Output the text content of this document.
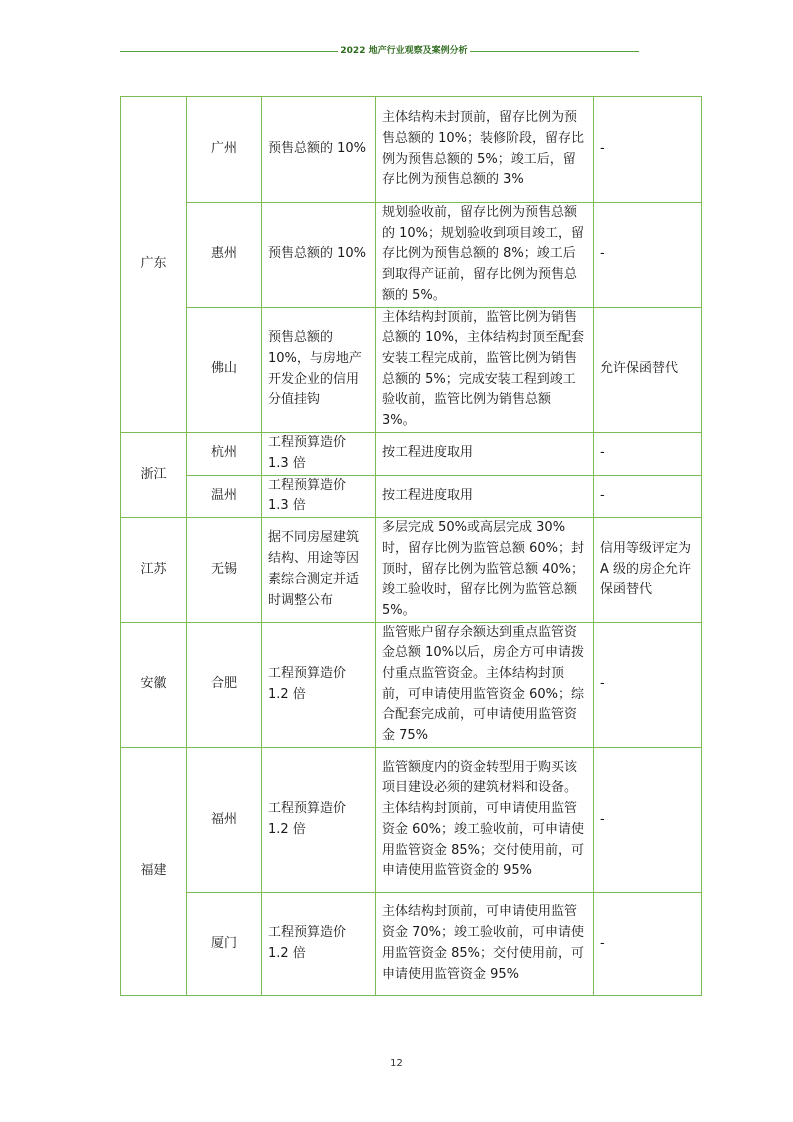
2022 地产行业观察及案例分析
广东	广州	预售总额的 10%	主体结构未封顶前，留存比例为预售总额的 10%；装修阶段，留存比例为预售总额的 5%；竣工后，留存比例为预售总额的 3%	-
	惠州	预售总额的 10%	规划验收前，留存比例为预售总额的 10%；规划验收到项目竣工，留存比例为预售总额的 8%；竣工后到取得产证前，留存比例为预售总额的 5%。	-
	佛山	预售总额的 10%，与房地产开发企业的信用分值挂钩	主体结构封顶前，监管比例为销售总额的 10%，主体结构封顶至配套安装工程完成前，监管比例为销售总额的 5%；完成安装工程到竣工验收前，监管比例为销售总额 3%。	允许保函替代
浙江	杭州	工程预算造价 1.3 倍	按工程进度取用	-
	温州	工程预算造价 1.3 倍	按工程进度取用	-
江苏	无锡	据不同房屋建筑结构、用途等因素综合测定并适时调整公布	多层完成 50%或高层完成 30%时，留存比例为监管总额 60%；封顶时，留存比例为监管总额 40%；竣工验收时，留存比例为监管总额 5%。	信用等级评定为 A 级的房企允许保函替代
安徽	合肥	工程预算造价 1.2 倍	监管账户留存余额达到重点监管资金总额 10%以后，房企方可申请拨付重点监管资金。主体结构封顶前，可申请使用监管资金 60%；综合配套完成前，可申请使用监管资金 75%	-
福建	福州	工程预算造价 1.2 倍	监管额度内的资金转型用于购买该项目建设必须的建筑材料和设备。主体结构封顶前，可申请使用监管资金 60%；竣工验收前，可申请使用监管资金 85%；交付使用前，可申请使用监管资金的 95%	-
	厦门	工程预算造价 1.2 倍	主体结构封顶前，可申请使用监管资金 70%；竣工验收前，可申请使用监管资金 85%；交付使用前，可申请使用监管资金 95%	-
12
